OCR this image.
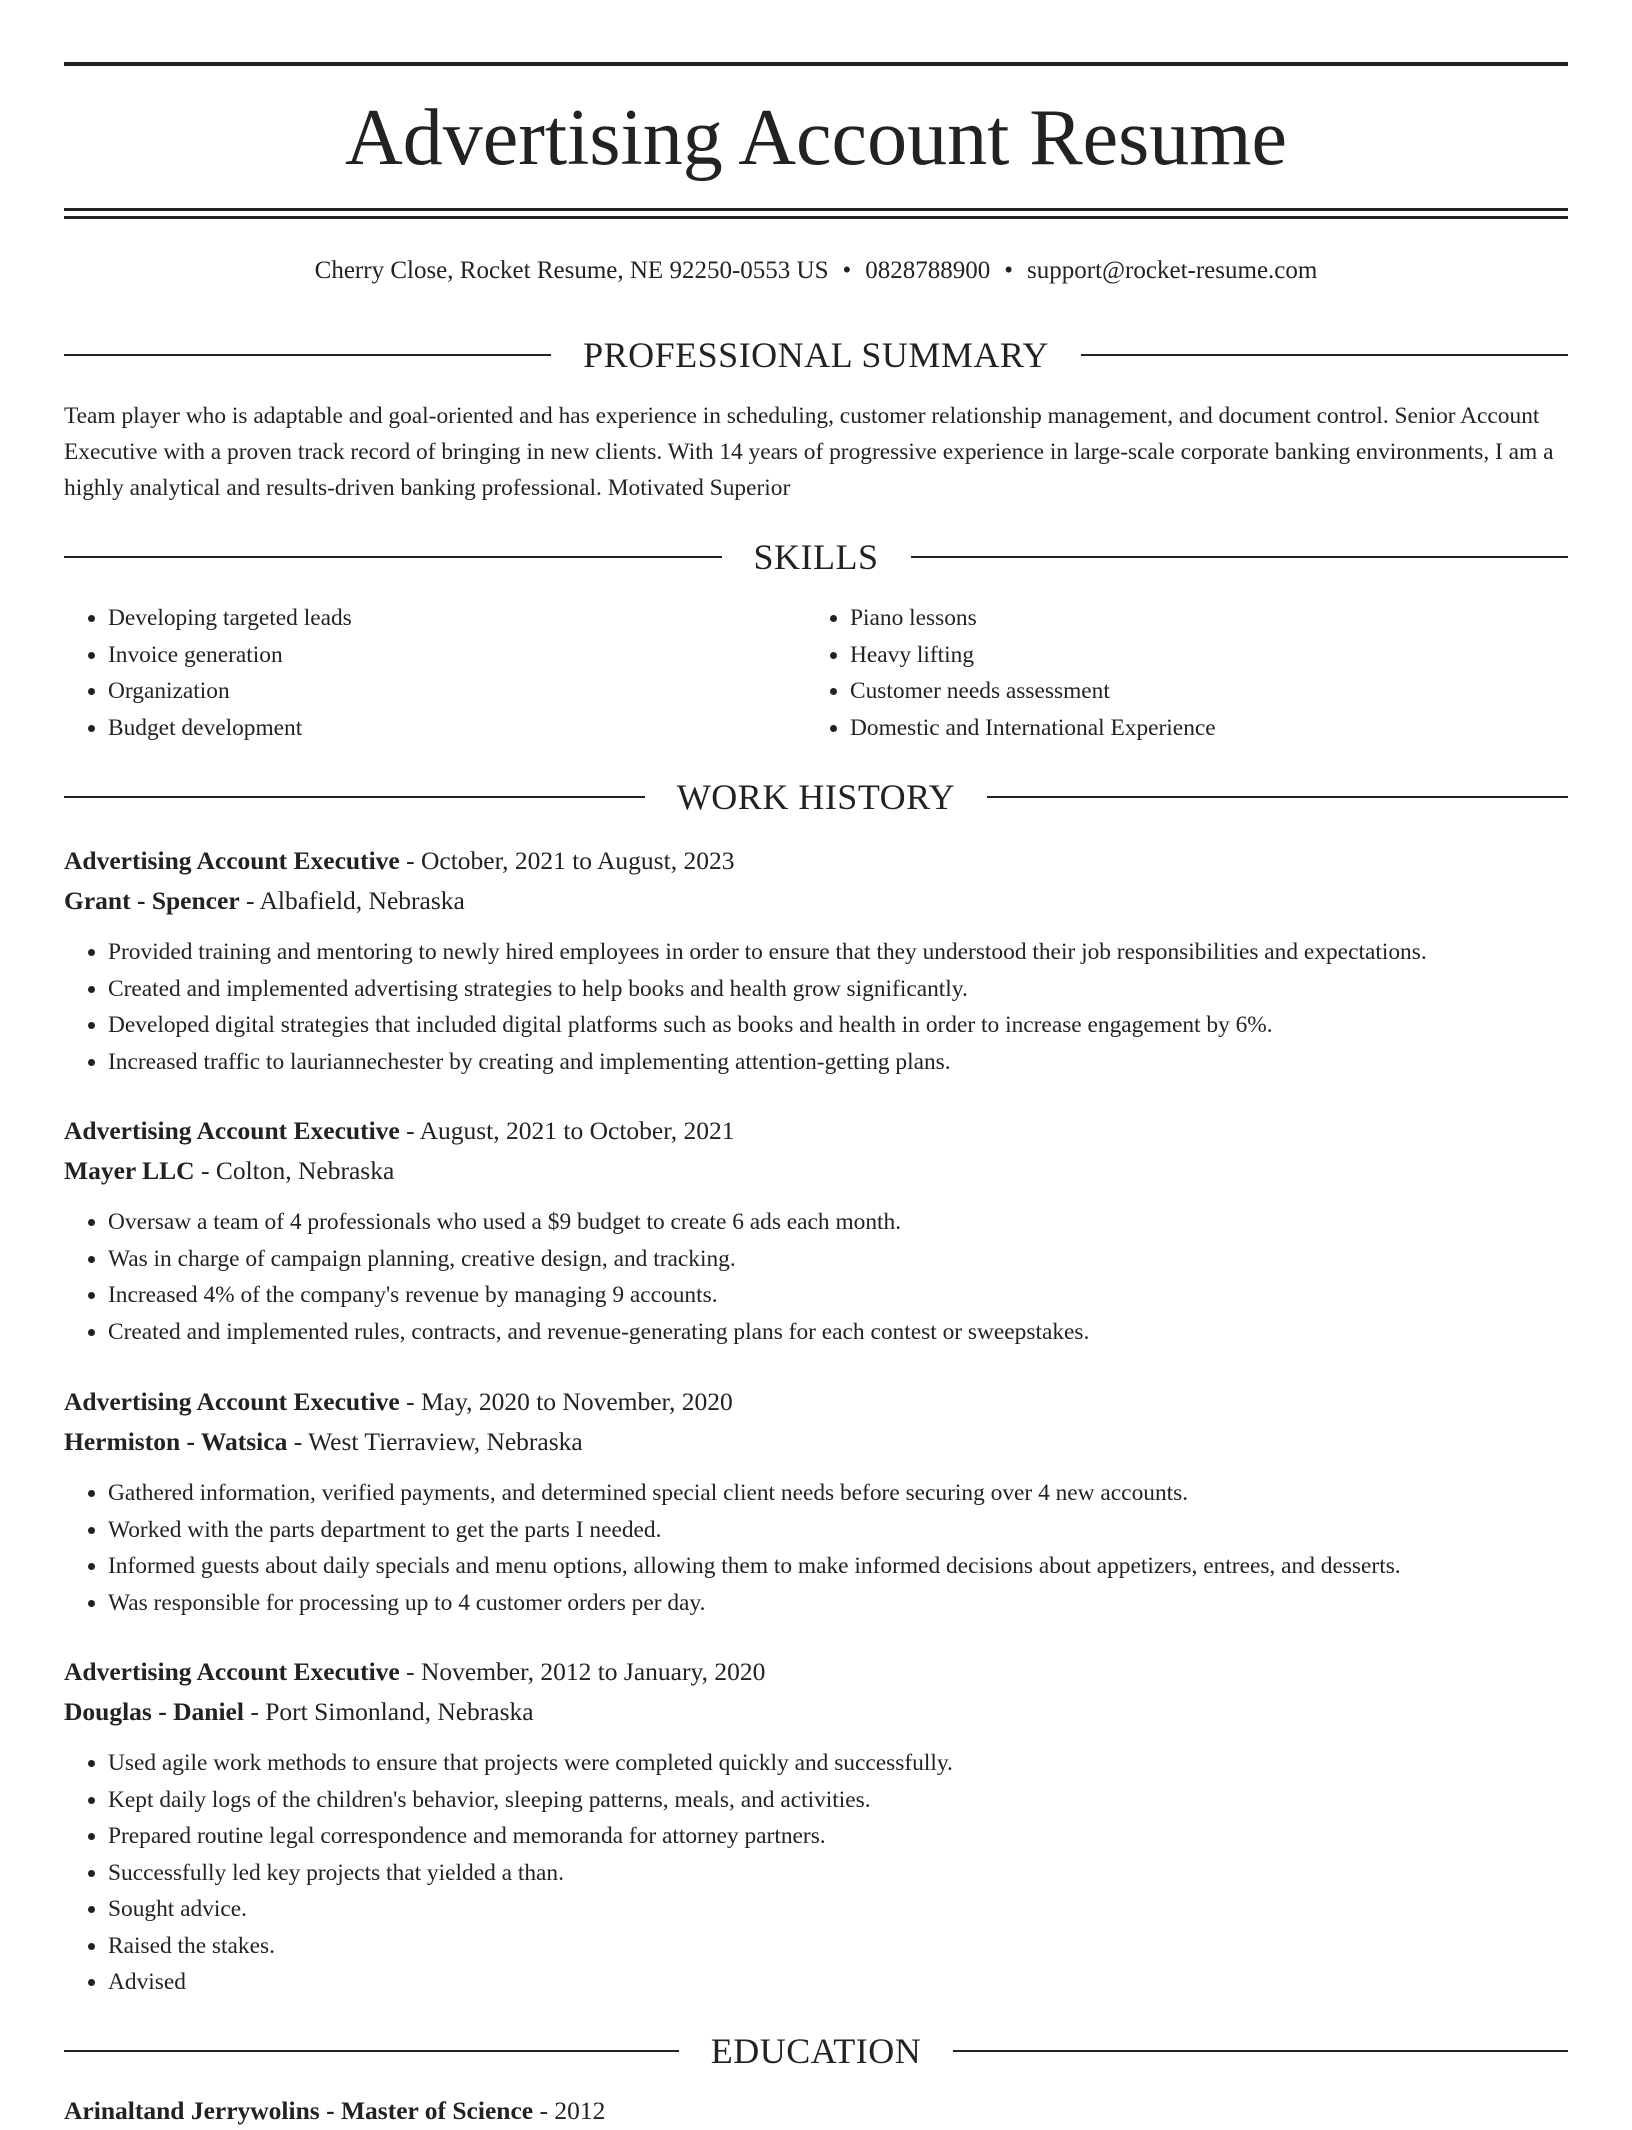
Advertising Account Resume
Cherry Close, Rocket Resume, NE 92250-0553 US • 0828788900 • support@rocket-resume.com
PROFESSIONAL SUMMARY

Team player who is adaptable and goal-oriented and has experience in scheduling, customer relationship management, and document control. Senior Account Executive with a proven track record of bringing in new clients. With 14 years of progressive experience in large-scale corporate banking environments, I am a highly analytical and results-driven banking professional. Motivated Superior

SKILLS
• Developing targeted leads
• Invoice generation
• Organization
• Budget development
• Piano lessons
• Heavy lifting
• Customer needs assessment
• Domestic and International Experience
WORK HISTORY
Advertising Account Executive - October, 2021 to August, 2023
Grant - Spencer - Albafield, Nebraska
• Provided training and mentoring to newly hired employees in order to ensure that they understood their job responsibilities and expectations.
• Created and implemented advertising strategies to help books and health grow significantly.
• Developed digital strategies that included digital platforms such as books and health in order to increase engagement by 6%.
• Increased traffic to lauriannechester by creating and implementing attention-getting plans.
Advertising Account Executive - August, 2021 to October, 2021
Mayer LLC - Colton, Nebraska
• Oversaw a team of 4 professionals who used a $9 budget to create 6 ads each month.
• Was in charge of campaign planning, creative design, and tracking.
• Increased 4% of the company's revenue by managing 9 accounts.
• Created and implemented rules, contracts, and revenue-generating plans for each contest or sweepstakes.
Advertising Account Executive - May, 2020 to November, 2020
Hermiston - Watsica - West Tierraview, Nebraska
• Gathered information, verified payments, and determined special client needs before securing over 4 new accounts.
• Worked with the parts department to get the parts I needed.
• Informed guests about daily specials and menu options, allowing them to make informed decisions about appetizers, entrees, and desserts.
• Was responsible for processing up to 4 customer orders per day.
Advertising Account Executive - November, 2012 to January, 2020
Douglas - Daniel - Port Simonland, Nebraska
• Used agile work methods to ensure that projects were completed quickly and successfully.
• Kept daily logs of the children's behavior, sleeping patterns, meals, and activities.
• Prepared routine legal correspondence and memoranda for attorney partners.
• Successfully led key projects that yielded a than.
• Sought advice.
• Raised the stakes.
• Advised
EDUCATION
Arinaltand Jerrywolins - Master of Science - 2012
